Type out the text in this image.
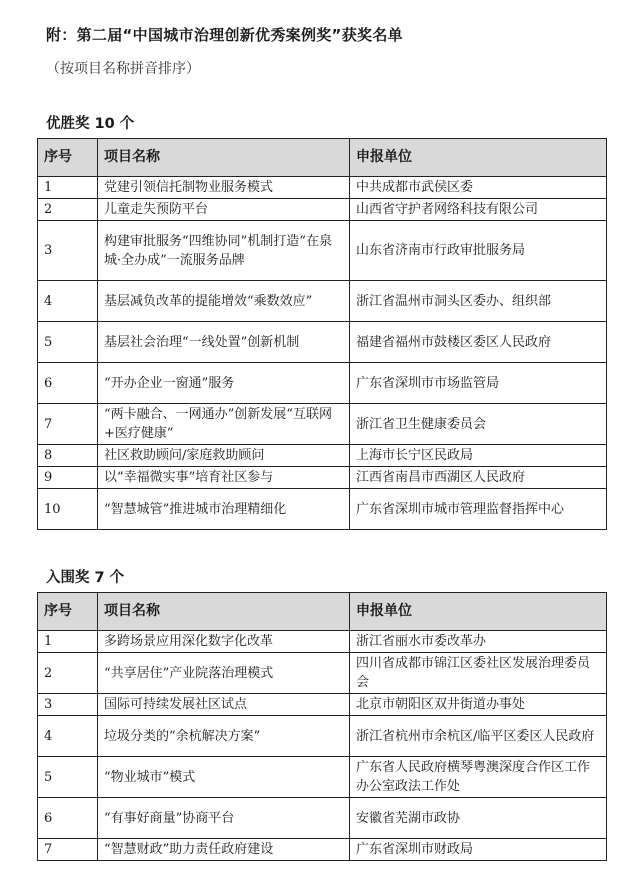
附：第二届“中国城市治理创新优秀案例奖”获奖名单
（按项目名称拼音排序）
优胜奖 10 个
序号	项目名称	申报单位
1	党建引领信托制物业服务模式	中共成都市武侯区委
2	儿童走失预防平台	山西省守护者网络科技有限公司
3	构建审批服务“四维协同”机制打造“在泉城·全办成”一流服务品牌	山东省济南市行政审批服务局
4	基层减负改革的提能增效“乘数效应”	浙江省温州市洞头区委办、组织部
5	基层社会治理“一线处置”创新机制	福建省福州市鼓楼区委区人民政府
6	“开办企业一窗通”服务	广东省深圳市市场监管局
7	“两卡融合、一网通办”创新发展“互联网+医疗健康”	浙江省卫生健康委员会
8	社区救助顾问/家庭救助顾问	上海市长宁区民政局
9	以“幸福微实事”培育社区参与	江西省南昌市西湖区人民政府
10	“智慧城管”推进城市治理精细化	广东省深圳市城市管理监督指挥中心
入围奖 7 个
序号	项目名称	申报单位
1	多跨场景应用深化数字化改革	浙江省丽水市委改革办
2	“共享居住”产业院落治理模式	四川省成都市锦江区委社区发展治理委员会
3	国际可持续发展社区试点	北京市朝阳区双井街道办事处
4	垃圾分类的“余杭解决方案”	浙江省杭州市余杭区/临平区委区人民政府
5	“物业城市”模式	广东省人民政府横琴粤澳深度合作区工作办公室政法工作处
6	“有事好商量”协商平台	安徽省芜湖市政协
7	“智慧财政”助力责任政府建设	广东省深圳市财政局
